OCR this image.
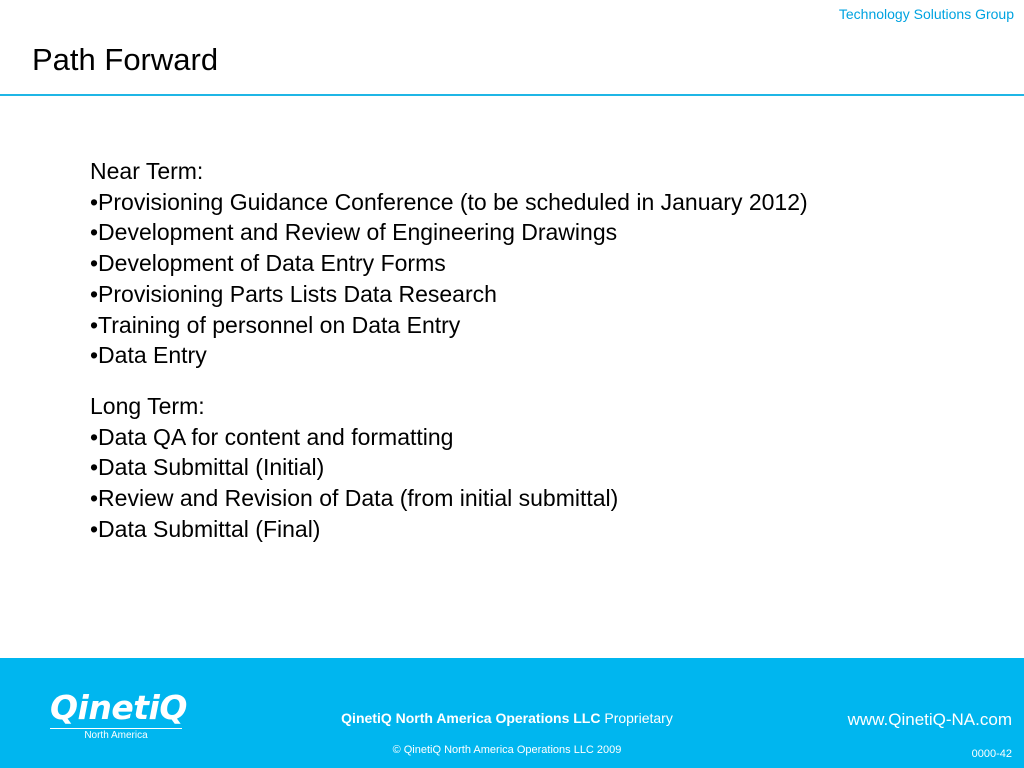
Technology Solutions Group
Path Forward
Near Term:
•Provisioning Guidance Conference (to be scheduled in January 2012)
•Development and Review of Engineering Drawings
•Development of Data Entry Forms
•Provisioning Parts Lists Data Research
•Training of personnel on Data Entry
•Data Entry
Long Term:
•Data QA for content and formatting
•Data Submittal (Initial)
•Review and Revision of Data (from initial submittal)
•Data Submittal (Final)
QinetiQ
North America
QinetiQ North America Operations LLC Proprietary	www.QinetiQ-NA.com
© QinetiQ North America Operations LLC 2009	0000-42
